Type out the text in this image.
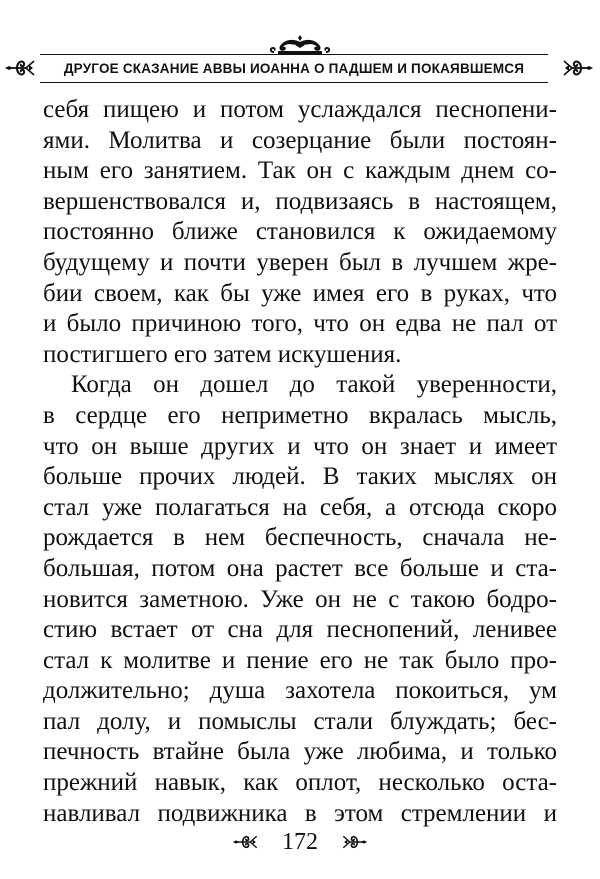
ДРУГОЕ СКАЗАНИЕ АВВЫ ИОАННА О ПАДШЕМ И ПОКАЯВШЕМСЯ
себя пищею и потом услаждался песнопени-
ями. Молитва и созерцание были постоян-
ным его занятием. Так он с каждым днем со-
вершенствовался и, подвизаясь в настоящем,
постоянно ближе становился к ожидаемому
будущему и почти уверен был в лучшем жре-
бии своем, как бы уже имея его в руках, что
и было причиною того, что он едва не пал от
постигшего его затем искушения.
Когда он дошел до такой уверенности,
в сердце его неприметно вкралась мысль,
что он выше других и что он знает и имеет
больше прочих людей. В таких мыслях он
стал уже полагаться на себя, а отсюда скоро
рождается в нем беспечность, сначала не-
большая, потом она растет все больше и ста-
новится заметною. Уже он не с такою бодро-
стию встает от сна для песнопений, ленивее
стал к молитве и пение его не так было про-
должительно; душа захотела покоиться, ум
пал долу, и помыслы стали блуждать; бес-
печность втайне была уже любима, и только
прежний навык, как оплот, несколько оста-
навливал подвижника в этом стремлении и
172
